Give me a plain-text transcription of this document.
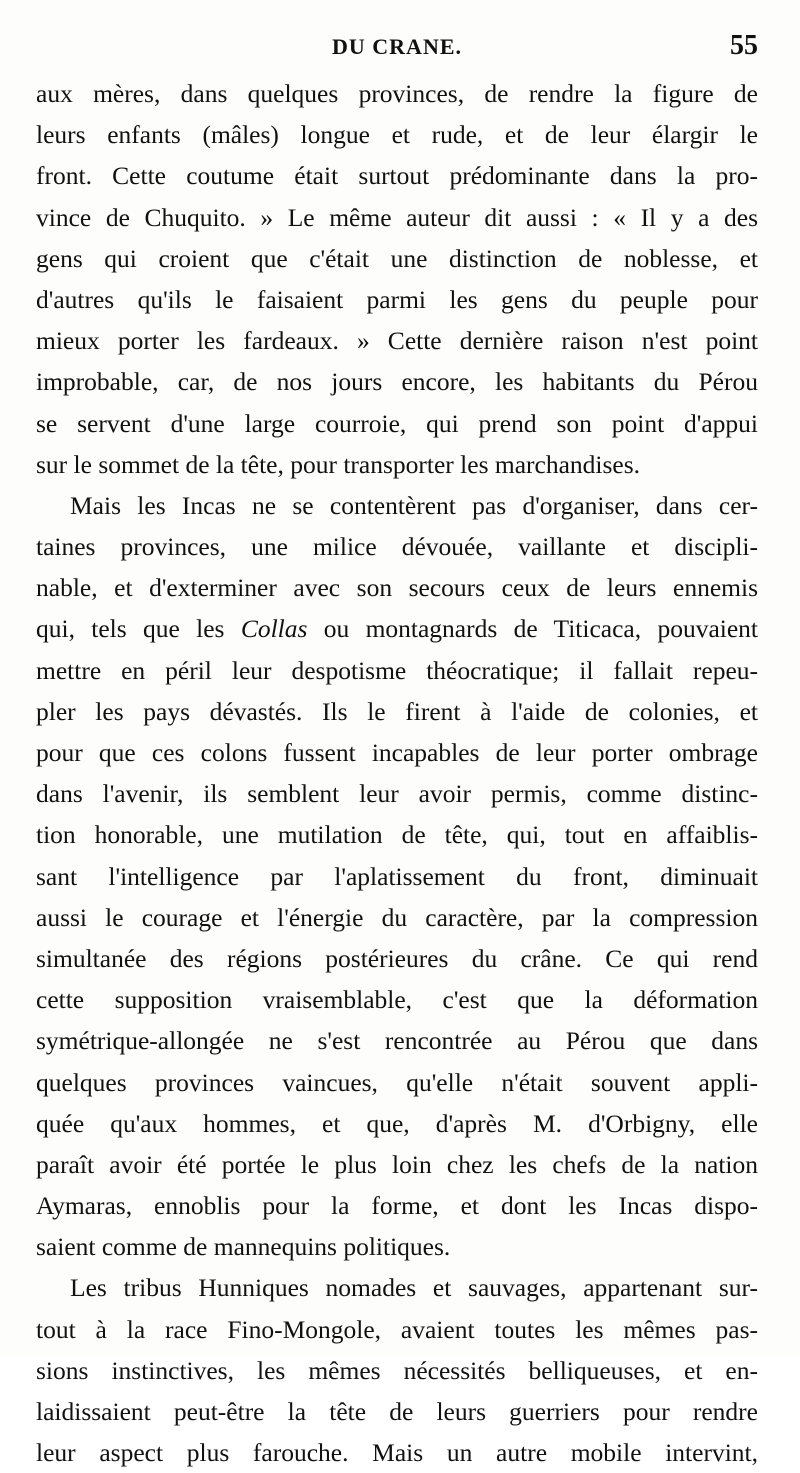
DU CRANE.	55
aux mères, dans quelques provinces, de rendre la figure de
leurs enfants (mâles) longue et rude, et de leur élargir le
front. Cette coutume était surtout prédominante dans la pro-
vince de Chuquito. » Le même auteur dit aussi : « Il y a des
gens qui croient que c'était une distinction de noblesse, et
d'autres qu'ils le faisaient parmi les gens du peuple pour
mieux porter les fardeaux. » Cette dernière raison n'est point
improbable, car, de nos jours encore, les habitants du Pérou
se servent d'une large courroie, qui prend son point d'appui
sur le sommet de la tête, pour transporter les marchandises.
Mais les Incas ne se contentèrent pas d'organiser, dans cer-
taines provinces, une milice dévouée, vaillante et discipli-
nable, et d'exterminer avec son secours ceux de leurs ennemis
qui, tels que les Collas ou montagnards de Titicaca, pouvaient
mettre en péril leur despotisme théocratique; il fallait repeu-
pler les pays dévastés. Ils le firent à l'aide de colonies, et
pour que ces colons fussent incapables de leur porter ombrage
dans l'avenir, ils semblent leur avoir permis, comme distinc-
tion honorable, une mutilation de tête, qui, tout en affaiblis-
sant l'intelligence par l'aplatissement du front, diminuait
aussi le courage et l'énergie du caractère, par la compression
simultanée des régions postérieures du crâne. Ce qui rend
cette supposition vraisemblable, c'est que la déformation
symétrique-allongée ne s'est rencontrée au Pérou que dans
quelques provinces vaincues, qu'elle n'était souvent appli-
quée qu'aux hommes, et que, d'après M. d'Orbigny, elle
paraît avoir été portée le plus loin chez les chefs de la nation
Aymaras, ennoblis pour la forme, et dont les Incas dispo-
saient comme de mannequins politiques.
Les tribus Hunniques nomades et sauvages, appartenant sur-
tout à la race Fino-Mongole, avaient toutes les mêmes pas-
sions instinctives, les mêmes nécessités belliqueuses, et en-
laidissaient peut-être la tête de leurs guerriers pour rendre
leur aspect plus farouche. Mais un autre mobile intervint,
